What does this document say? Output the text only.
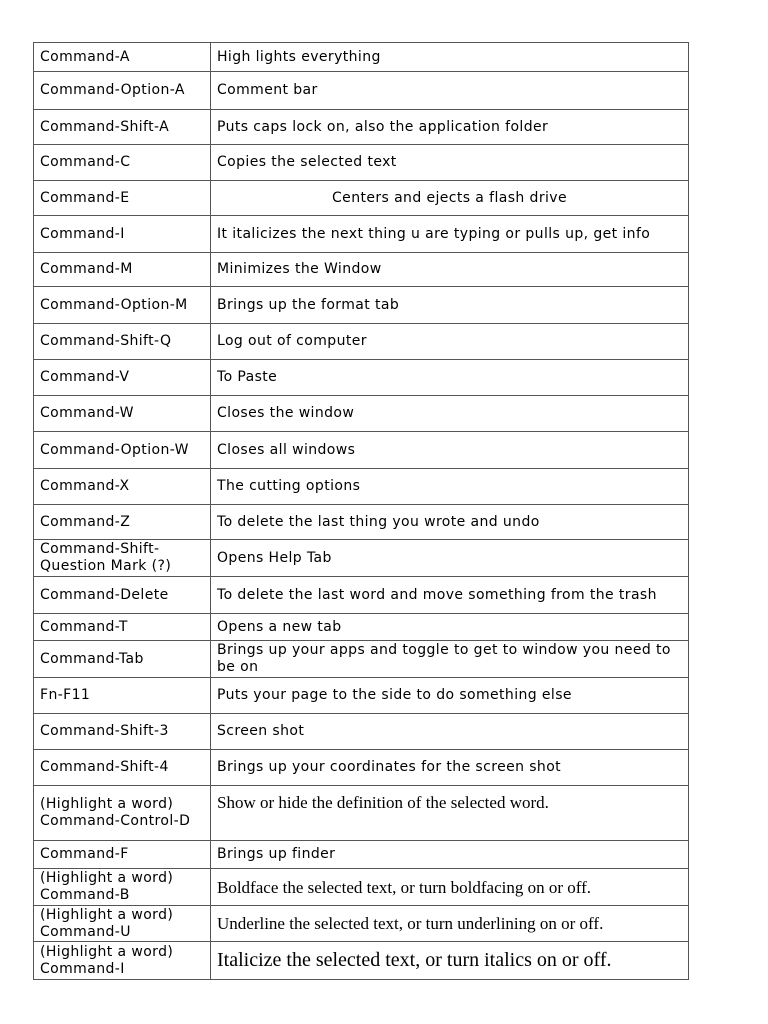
Command-A	High lights everything
Command-Option-A	Comment bar
Command-Shift-A	Puts caps lock on, also the application folder
Command-C	Copies the selected text
Command-E	Centers and ejects a flash drive
Command-I	It italicizes the next thing u are typing or pulls up, get info
Command-M	Minimizes the Window
Command-Option-M	Brings up the format tab
Command-Shift-Q	Log out of computer
Command-V	To Paste
Command-W	Closes the window
Command-Option-W	Closes all windows
Command-X	The cutting options
Command-Z	To delete the last thing you wrote and undo
Command-Shift-Question Mark (?)	Opens Help Tab
Command-Delete	To delete the last word and move something from the trash
Command-T	Opens a new tab
Command-Tab	Brings up your apps and toggle to get to window you need to be on
Fn-F11	Puts your page to the side to do something else
Command-Shift-3	Screen shot
Command-Shift-4	Brings up your coordinates for the screen shot
(Highlight a word) Command-Control-D	Show or hide the definition of the selected word.
Command-F	Brings up finder
(Highlight a word) Command-B	Boldface the selected text, or turn boldfacing on or off.
(Highlight a word) Command-U	Underline the selected text, or turn underlining on or off.
(Highlight a word) Command-I	Italicize the selected text, or turn italics on or off.
